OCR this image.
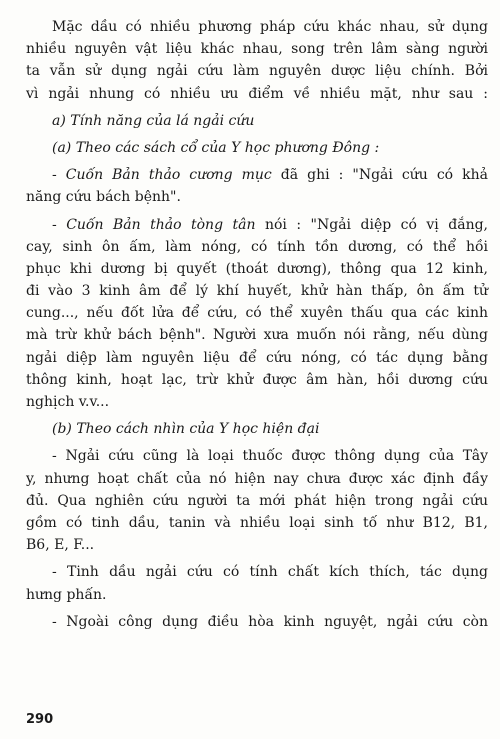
Mặc dầu có nhiều phương pháp cứu khác nhau, sử dụng

nhiều nguyên vật liệu khác nhau, song trên lâm sàng người

ta vẫn sử dụng ngải cứu làm nguyên dược liệu chính. Bởi

vì ngải nhung có nhiều ưu điểm về nhiều mặt, như sau :

a) Tính năng của lá ngải cứu

(a) Theo các sách cổ của Y học phương Đông :

- Cuốn Bản thảo cương mục đã ghi : "Ngải cứu có khả

năng cứu bách bệnh".

- Cuốn Bản thảo tòng tân nói : "Ngải diệp có vị đắng,

cay, sinh ôn ấm, làm nóng, có tính tồn dương, có thể hồi

phục khi dương bị quyết (thoát dương), thông qua 12 kinh,

đi vào 3 kinh âm để lý khí huyết, khử hàn thấp, ôn ấm tử

cung..., nếu đốt lửa để cứu, có thể xuyên thấu qua các kinh

mà trừ khử bách bệnh". Người xưa muốn nói rằng, nếu dùng

ngải diệp làm nguyên liệu để cứu nóng, có tác dụng bằng

thông kinh, hoạt lạc, trừ khử được âm hàn, hồi dương cứu

nghịch v.v...

(b) Theo cách nhìn của Y học hiện đại

- Ngải cứu cũng là loại thuốc được thông dụng của Tây

y, nhưng hoạt chất của nó hiện nay chưa được xác định đầy

đủ. Qua nghiên cứu người ta mới phát hiện trong ngải cứu

gồm có tinh dầu, tanin và nhiều loại sinh tố như B12, B1,

B6, E, F...

- Tinh dầu ngải cứu có tính chất kích thích, tác dụng

hưng phấn.

- Ngoài công dụng điều hòa kinh nguyệt, ngải cứu còn

290
